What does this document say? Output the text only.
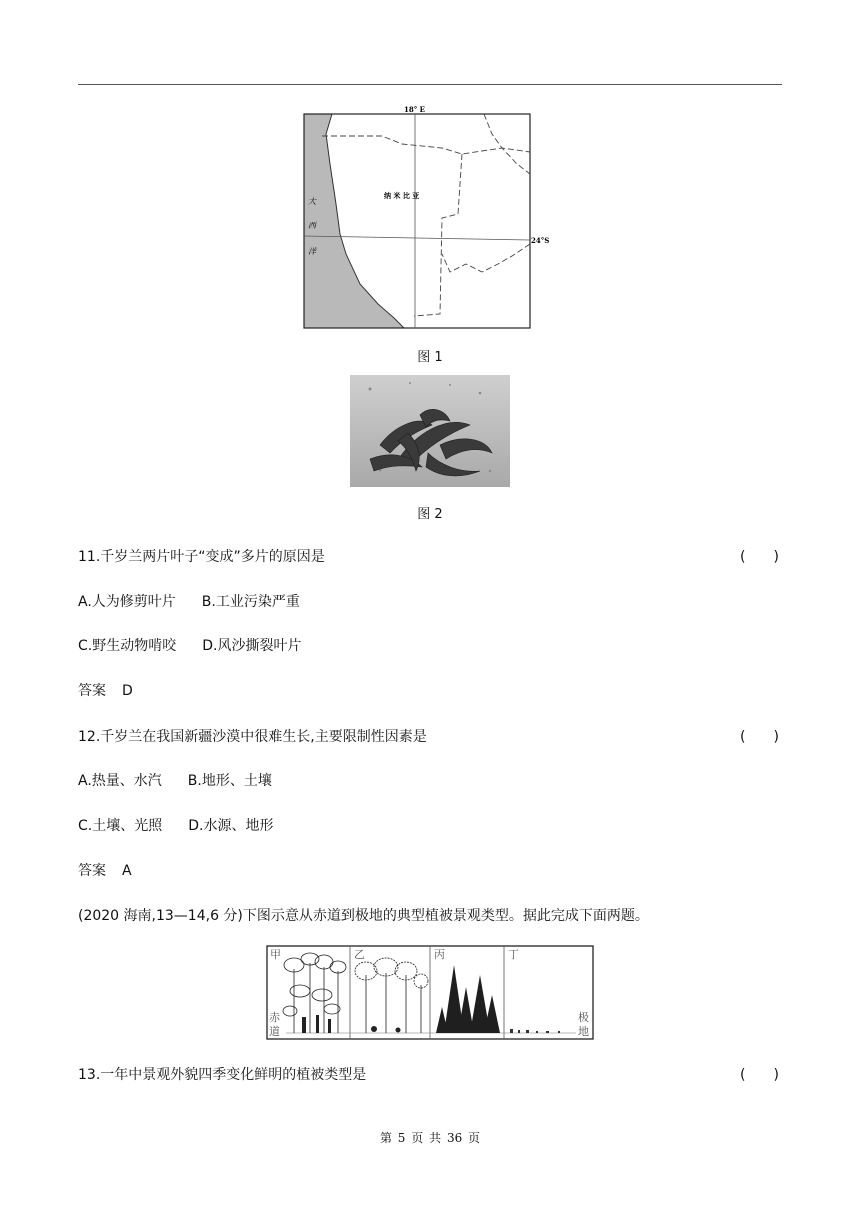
18° E
24°S
纳 米 比 亚
大
西
洋
图 1
图 2
11.千岁兰两片叶子“变成”多片的原因是	( )
A.人为修剪叶片 B.工业污染严重
C.野生动物啃咬 D.风沙撕裂叶片
答案 D
12.千岁兰在我国新疆沙漠中很难生长,主要限制性因素是	( )
A.热量、水汽 B.地形、土壤
C.土壤、光照 D.水源、地形
答案 A
(2020 海南,13—14,6 分)下图示意从赤道到极地的典型植被景观类型。据此完成下面两题。
甲	乙	丙	丁
赤
道
极
地
13.一年中景观外貌四季变化鲜明的植被类型是	( )
第 5 页 共 36 页
